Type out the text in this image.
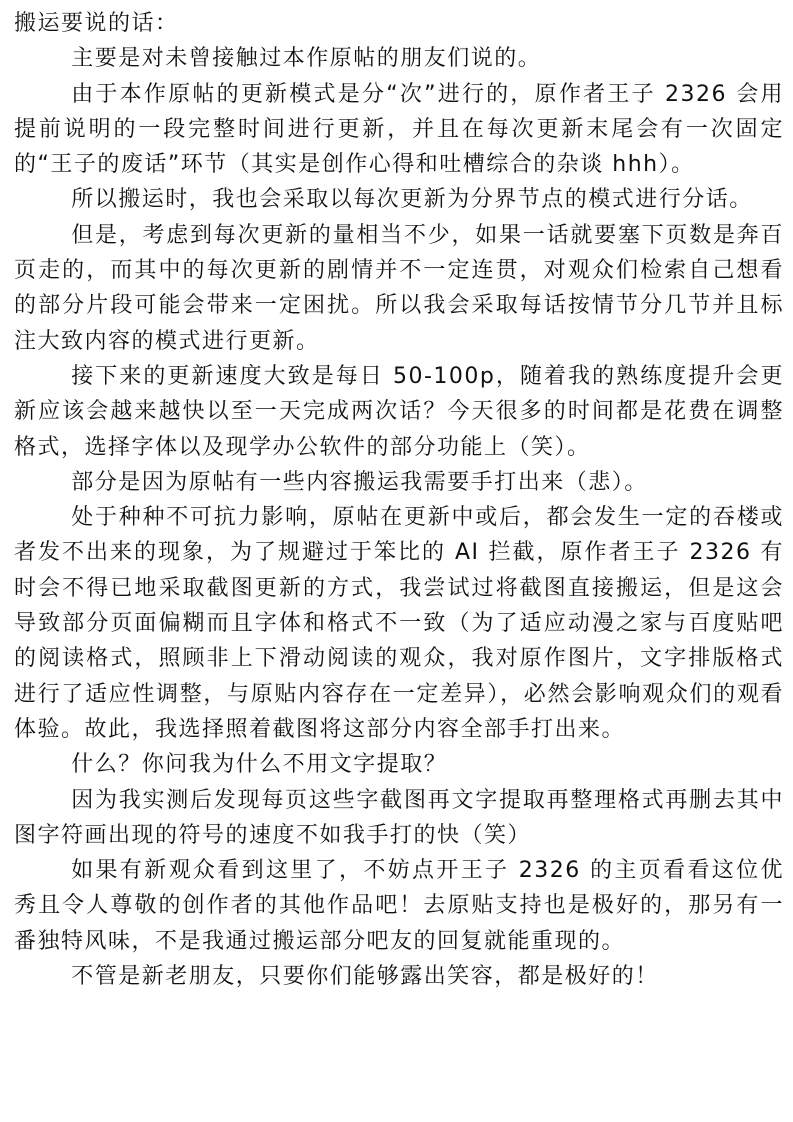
搬运要说的话：

主要是对未曾接触过本作原帖的朋友们说的。

由于本作原帖的更新模式是分“次”进行的，原作者王子 2326 会用提前说明的一段完整时间进行更新，并且在每次更新末尾会有一次固定的“王子的废话”环节（其实是创作心得和吐槽综合的杂谈 hhh）。

所以搬运时，我也会采取以每次更新为分界节点的模式进行分话。

但是，考虑到每次更新的量相当不少，如果一话就要塞下页数是奔百页走的，而其中的每次更新的剧情并不一定连贯，对观众们检索自己想看的部分片段可能会带来一定困扰。所以我会采取每话按情节分几节并且标注大致内容的模式进行更新。

接下来的更新速度大致是每日 50-100p，随着我的熟练度提升会更新应该会越来越快以至一天完成两次话？今天很多的时间都是花费在调整格式，选择字体以及现学办公软件的部分功能上（笑）。

部分是因为原帖有一些内容搬运我需要手打出来（悲）。

处于种种不可抗力影响，原帖在更新中或后，都会发生一定的吞楼或者发不出来的现象，为了规避过于笨比的 AI 拦截，原作者王子 2326 有时会不得已地采取截图更新的方式，我尝试过将截图直接搬运，但是这会导致部分页面偏糊而且字体和格式不一致（为了适应动漫之家与百度贴吧的阅读格式，照顾非上下滑动阅读的观众，我对原作图片，文字排版格式进行了适应性调整，与原贴内容存在一定差异），必然会影响观众们的观看体验。故此，我选择照着截图将这部分内容全部手打出来。

什么？你问我为什么不用文字提取？

因为我实测后发现每页这些字截图再文字提取再整理格式再删去其中图字符画出现的符号的速度不如我手打的快（笑）

如果有新观众看到这里了，不妨点开王子 2326 的主页看看这位优秀且令人尊敬的创作者的其他作品吧！去原贴支持也是极好的，那另有一番独特风味，不是我通过搬运部分吧友的回复就能重现的。

不管是新老朋友，只要你们能够露出笑容，都是极好的！
